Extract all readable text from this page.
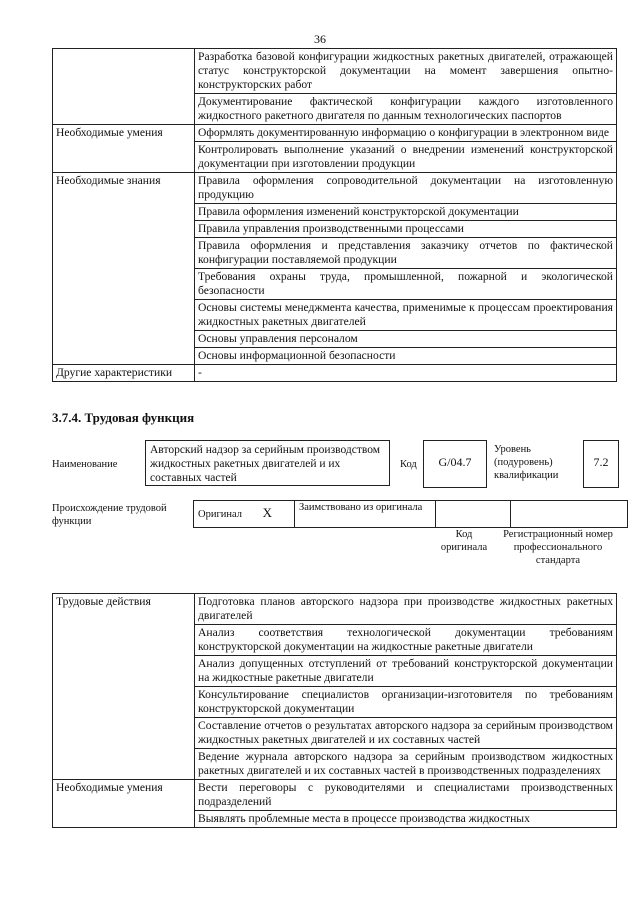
36
	Разработка базовой конфигурации жидкостных ракетных двигателей, отражающей статус конструкторской документации на момент завершения опытно-конструкторских работ
	Документирование фактической конфигурации каждого изготовленного жидкостного ракетного двигателя по данным технологических паспортов
Необходимые умения	Оформлять документированную информацию о конфигурации в электронном виде
	Контролировать выполнение указаний о внедрении изменений конструкторской документации при изготовлении продукции
Необходимые знания	Правила оформления сопроводительной документации на изготовленную продукцию
	Правила оформления изменений конструкторской документации
	Правила управления производственными процессами
	Правила оформления и представления заказчику отчетов по фактической конфигурации поставляемой продукции
	Требования охраны труда, промышленной, пожарной и экологической безопасности
	Основы системы менеджмента качества, применимые к процессам проектирования жидкостных ракетных двигателей
	Основы управления персоналом
	Основы информационной безопасности
Другие характеристики	-
3.7.4. Трудовая функция
Наименование
Авторский надзор за серийным производством жидкостных ракетных двигателей и их составных частей
Код	G/04.7
Уровень (подуровень) квалификации
7.2
Происхождение трудовой функции
Оригинал X	Заимствовано из оригинала		
Код оригинала
Регистрационный номер профессионального стандарта
Трудовые действия	Подготовка планов авторского надзора при производстве жидкостных ракетных двигателей
	Анализ соответствия технологической документации требованиям конструкторской документации на жидкостные ракетные двигатели
	Анализ допущенных отступлений от требований конструкторской документации на жидкостные ракетные двигатели
	Консультирование специалистов организации-изготовителя по требованиям конструкторской документации
	Составление отчетов о результатах авторского надзора за серийным производством жидкостных ракетных двигателей и их составных частей
	Ведение журнала авторского надзора за серийным производством жидкостных ракетных двигателей и их составных частей в производственных подразделениях
Необходимые умения	Вести переговоры с руководителями и специалистами производственных подразделений
	Выявлять проблемные места в процессе производства жидкостных
